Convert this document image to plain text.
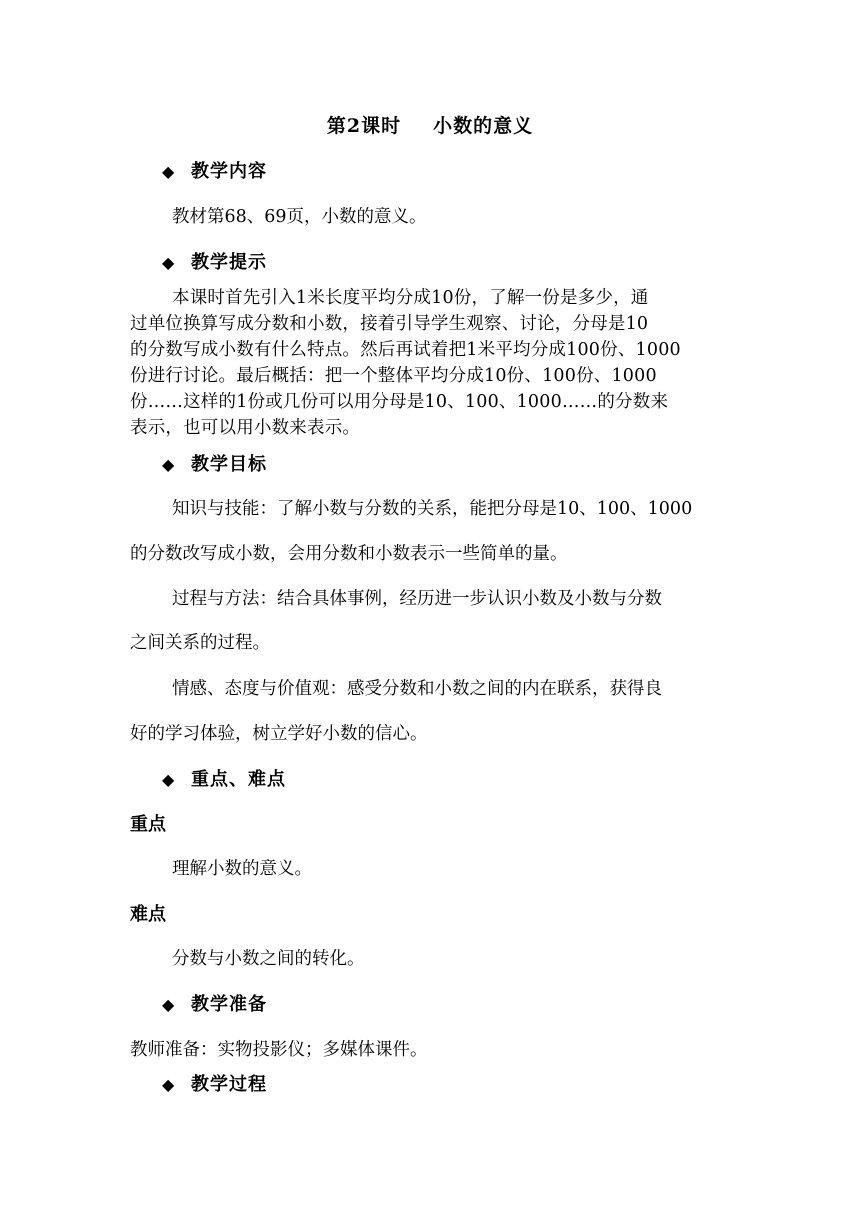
第2课时 小数的意义
◆ 教学内容
教材第68、69页，小数的意义。
◆ 教学提示
本课时首先引入1米长度平均分成10份，了解一份是多少，通
过单位换算写成分数和小数，接着引导学生观察、讨论，分母是10
的分数写成小数有什么特点。然后再试着把1米平均分成100份、1000
份进行讨论。最后概括：把一个整体平均分成10份、100份、1000
份……这样的1份或几份可以用分母是10、100、1000……的分数来
表示，也可以用小数来表示。
◆ 教学目标
知识与技能：了解小数与分数的关系，能把分母是10、100、1000
的分数改写成小数，会用分数和小数表示一些简单的量。
过程与方法：结合具体事例，经历进一步认识小数及小数与分数
之间关系的过程。
情感、态度与价值观：感受分数和小数之间的内在联系，获得良
好的学习体验，树立学好小数的信心。
◆ 重点、难点
重点
理解小数的意义。
难点
分数与小数之间的转化。
◆ 教学准备
教师准备：实物投影仪；多媒体课件。
◆ 教学过程
